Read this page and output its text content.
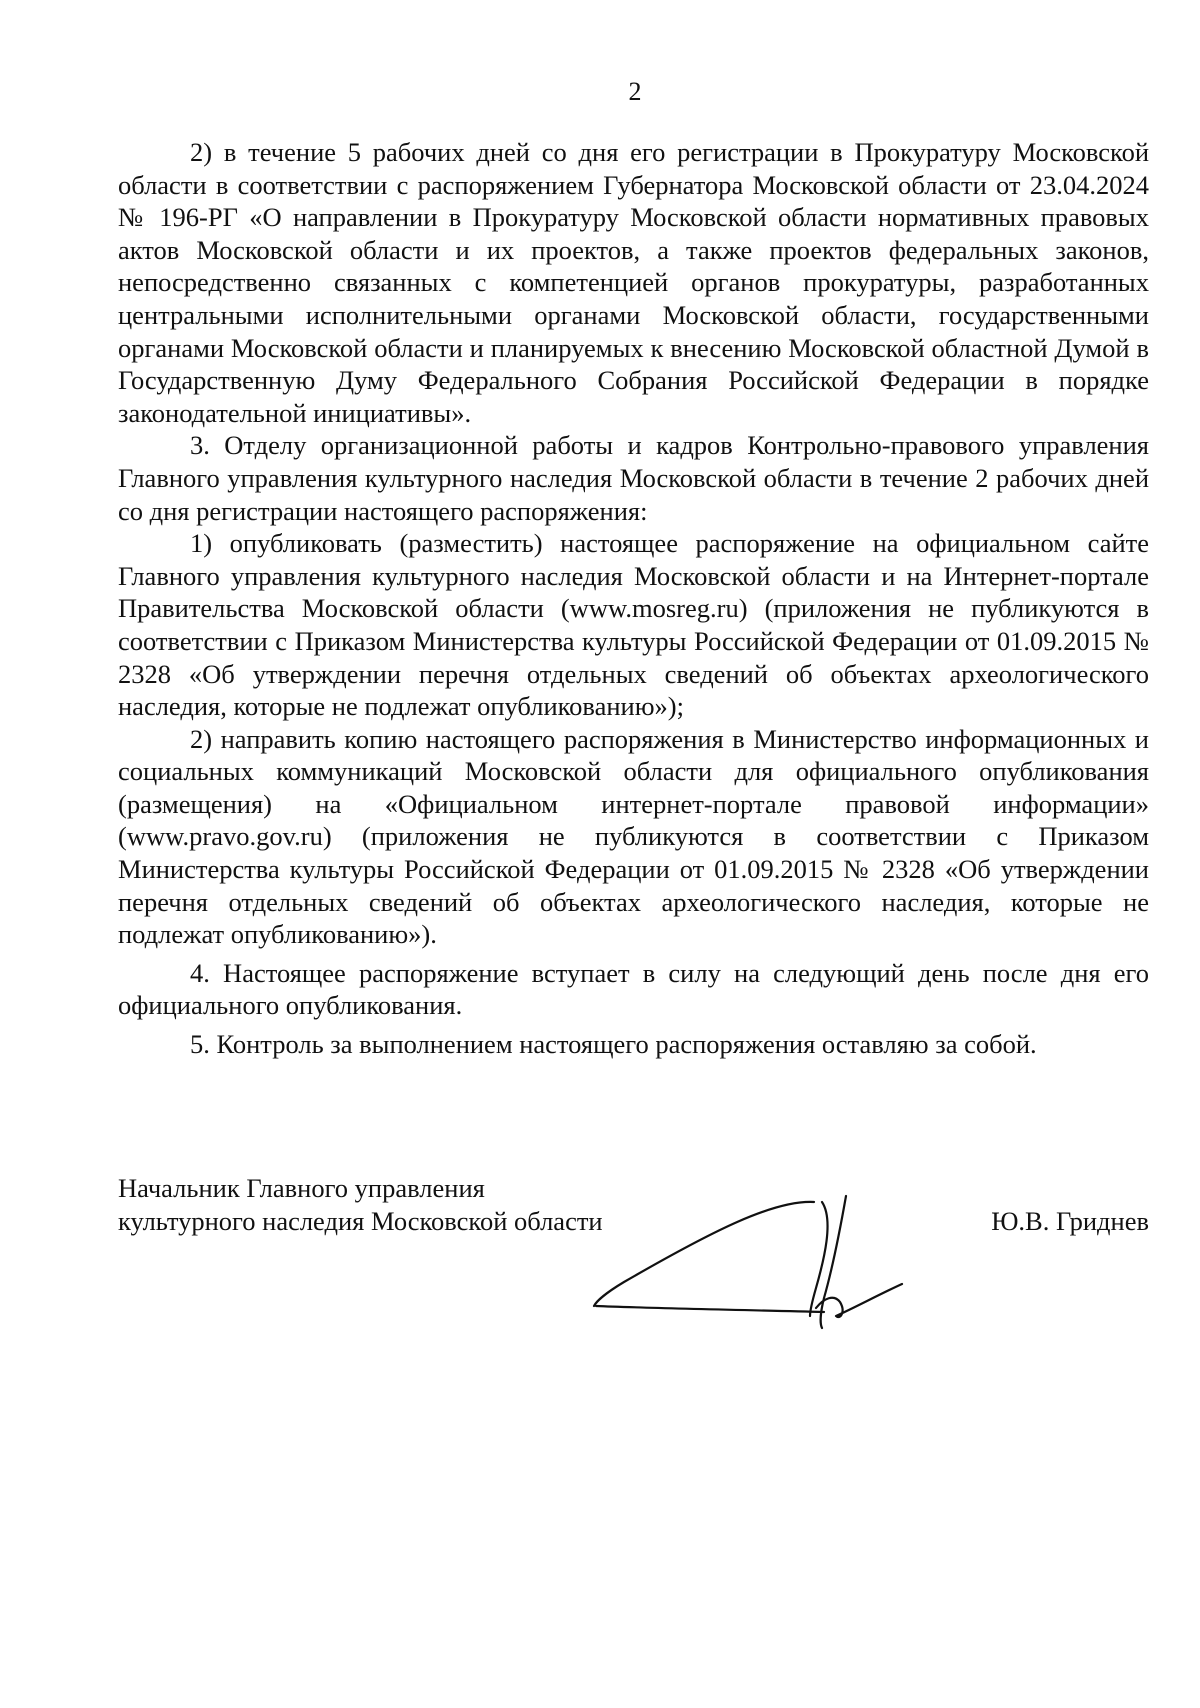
2

2) в течение 5 рабочих дней со дня его регистрации в Прокуратуру Московской области в соответствии с распоряжением Губернатора Московской области от 23.04.2024 № 196-РГ «О направлении в Прокуратуру Московской области нормативных правовых актов Московской области и их проектов, а также проектов федеральных законов, непосредственно связанных с компетенцией органов прокуратуры, разработанных центральными исполнительными органами Московской области, государственными органами Московской области и планируемых к внесению Московской областной Думой в Государственную Думу Федерального Собрания Российской Федерации в порядке законодательной инициативы».

3. Отделу организационной работы и кадров Контрольно-правового управления Главного управления культурного наследия Московской области в течение 2 рабочих дней со дня регистрации настоящего распоряжения:

1) опубликовать (разместить) настоящее распоряжение на официальном сайте Главного управления культурного наследия Московской области и на Интернет-портале Правительства Московской области (www.mosreg.ru) (приложения не публикуются в соответствии с Приказом Министерства культуры Российской Федерации от 01.09.2015 № 2328 «Об утверждении перечня отдельных сведений об объектах археологического наследия, которые не подлежат опубликованию»);

2) направить копию настоящего распоряжения в Министерство информационных и социальных коммуникаций Московской области для официального опубликования (размещения) на «Официальном интернет-портале правовой информации» (www.pravo.gov.ru) (приложения не публикуются в соответствии с Приказом Министерства культуры Российской Федерации от 01.09.2015 № 2328 «Об утверждении перечня отдельных сведений об объектах археологического наследия, которые не подлежат опубликованию»).

4. Настоящее распоряжение вступает в силу на следующий день после дня его официального опубликования.

5. Контроль за выполнением настоящего распоряжения оставляю за собой.

Начальник Главного управления
культурного наследия Московской области	Ю.В. Гриднев
